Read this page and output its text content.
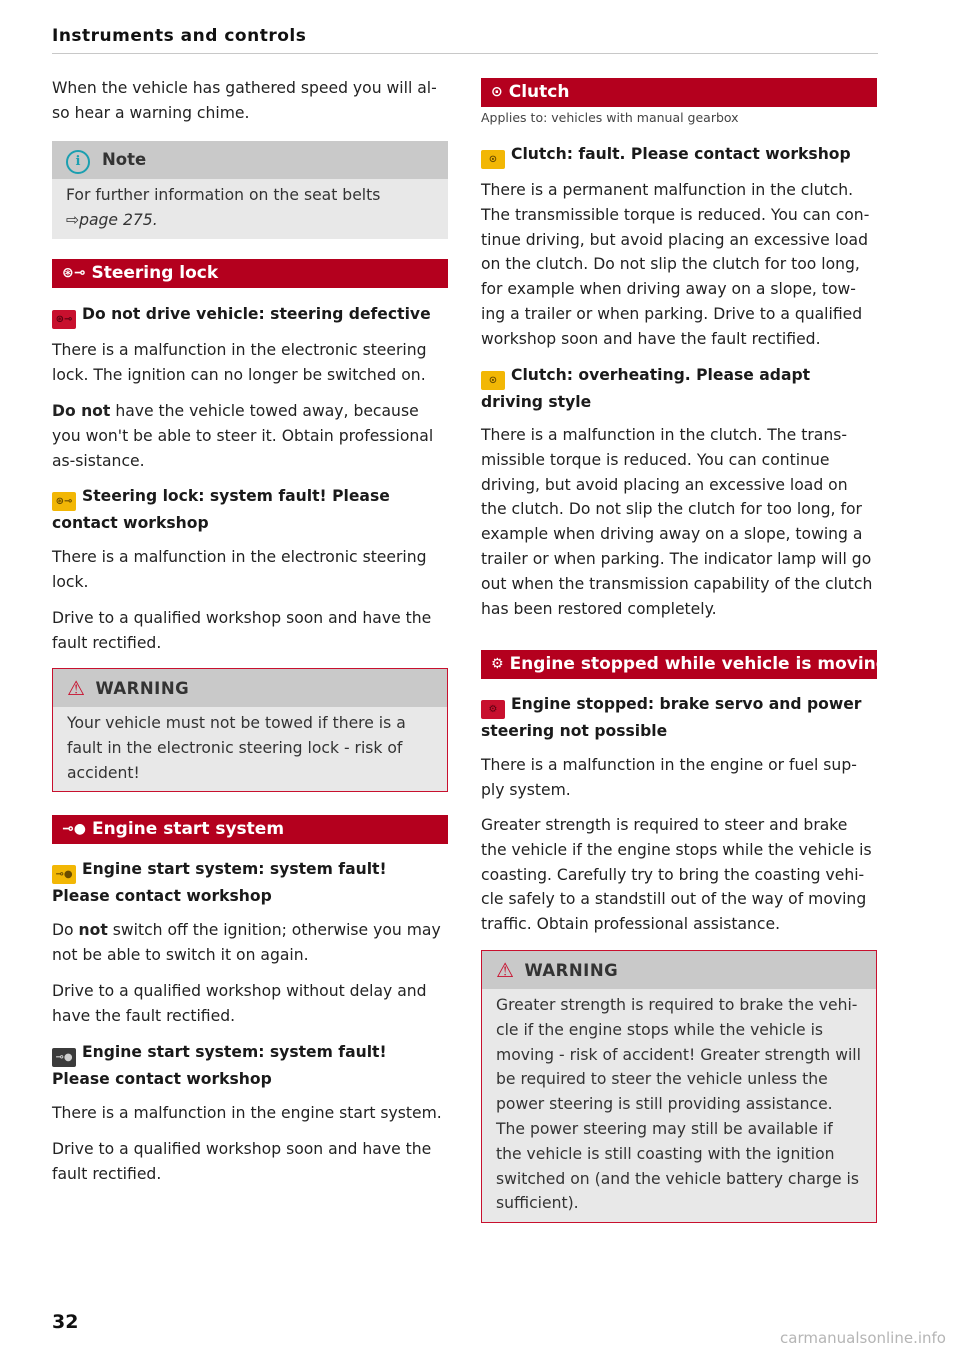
Instruments and controls

When the vehicle has gathered speed you will al-so hear a warning chime.

i Note
For further information on the seat belts
⇨page 275.
⊛⊸ Steering lock

⊛⊸ Do not drive vehicle: steering defective

There is a malfunction in the electronic steering lock. The ignition can no longer be switched on.

Do not have the vehicle towed away, because you won't be able to steer it. Obtain professional as-sistance.

⊛⊸ Steering lock: system fault! Please contact workshop

There is a malfunction in the electronic steering lock.

Drive to a qualified workshop soon and have the fault rectified.

⚠ WARNING
Your vehicle must not be towed if there is a fault in the electronic steering lock - risk of accident!
⊸● Engine start system

⊸● Engine start system: system fault! Please contact workshop

Do not switch off the ignition; otherwise you may not be able to switch it on again.

Drive to a qualified workshop without delay and have the fault rectified.

⊸● Engine start system: system fault! Please contact workshop

There is a malfunction in the engine start system.

Drive to a qualified workshop soon and have the fault rectified.

⊙ Clutch

Applies to: vehicles with manual gearbox

⊙ Clutch: fault. Please contact workshop

There is a permanent malfunction in the clutch. The transmissible torque is reduced. You can con-tinue driving, but avoid placing an excessive load on the clutch. Do not slip the clutch for too long, for example when driving away on a slope, tow-ing a trailer or when parking. Drive to a qualified workshop soon and have the fault rectified.

⊙ Clutch: overheating. Please adapt driving style

There is a malfunction in the clutch. The trans-missible torque is reduced. You can continue driving, but avoid placing an excessive load on the clutch. Do not slip the clutch for too long, for example when driving away on a slope, towing a trailer or when parking. The indicator lamp will go out when the transmission capability of the clutch has been restored completely.

⚙ Engine stopped while vehicle is moving

⚙ Engine stopped: brake servo and power steering not possible

There is a malfunction in the engine or fuel sup-ply system.

Greater strength is required to steer and brake the vehicle if the engine stops while the vehicle is coasting. Carefully try to bring the coasting vehi-cle safely to a standstill out of the way of moving traffic. Obtain professional assistance.

⚠ WARNING
Greater strength is required to brake the vehi-cle if the engine stops while the vehicle is moving - risk of accident! Greater strength will be required to steer the vehicle unless the power steering is still providing assistance. The power steering may still be available if the vehicle is still coasting with the ignition switched on (and the vehicle battery charge is sufficient).
32
carmanualsonline.info
